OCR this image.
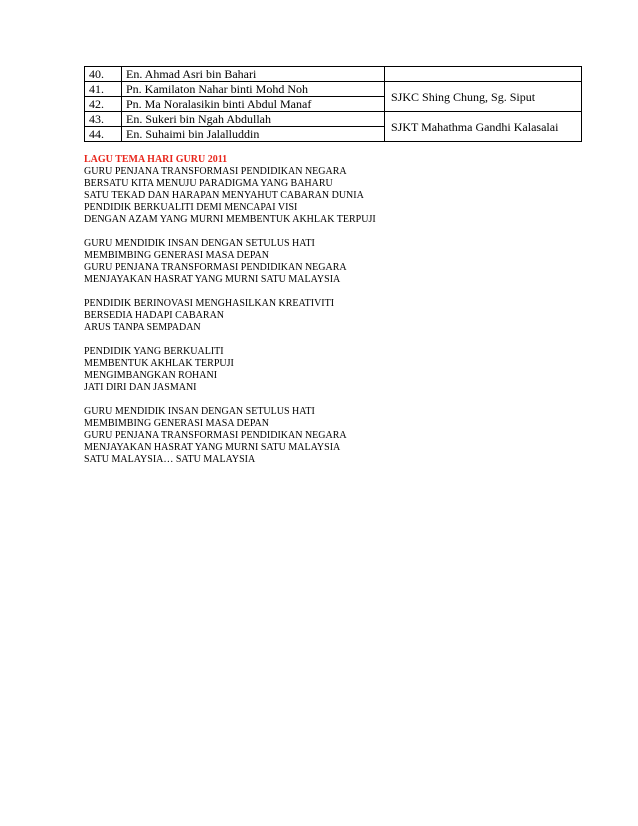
40.	En. Ahmad Asri bin Bahari	
41.	Pn. Kamilaton Nahar binti Mohd Noh	SJKC Shing Chung, Sg. Siput
42.	Pn. Ma Noralasikin binti Abdul Manaf	
43.	En. Sukeri bin Ngah Abdullah	SJKT Mahathma Gandhi Kalasalai
44.	En. Suhaimi bin Jalalluddin	

LAGU TEMA HARI GURU 2011

GURU PENJANA TRANSFORMASI PENDIDIKAN NEGARA
BERSATU KITA MENUJU PARADIGMA YANG BAHARU
SATU TEKAD DAN HARAPAN MENYAHUT CABARAN DUNIA
PENDIDIK BERKUALITI DEMI MENCAPAI VISI
DENGAN AZAM YANG MURNI MEMBENTUK AKHLAK TERPUJI

GURU MENDIDIK INSAN DENGAN SETULUS HATI
MEMBIMBING GENERASI MASA DEPAN
GURU PENJANA TRANSFORMASI PENDIDIKAN NEGARA
MENJAYAKAN HASRAT YANG MURNI SATU MALAYSIA

PENDIDIK BERINOVASI MENGHASILKAN KREATIVITI
BERSEDIA HADAPI CABARAN
ARUS TANPA SEMPADAN

PENDIDIK YANG BERKUALITI
MEMBENTUK AKHLAK TERPUJI
MENGIMBANGKAN ROHANI
JATI DIRI DAN JASMANI

GURU MENDIDIK INSAN DENGAN SETULUS HATI
MEMBIMBING GENERASI MASA DEPAN
GURU PENJANA TRANSFORMASI PENDIDIKAN NEGARA
MENJAYAKAN HASRAT YANG MURNI SATU MALAYSIA
SATU MALAYSIA… SATU MALAYSIA
